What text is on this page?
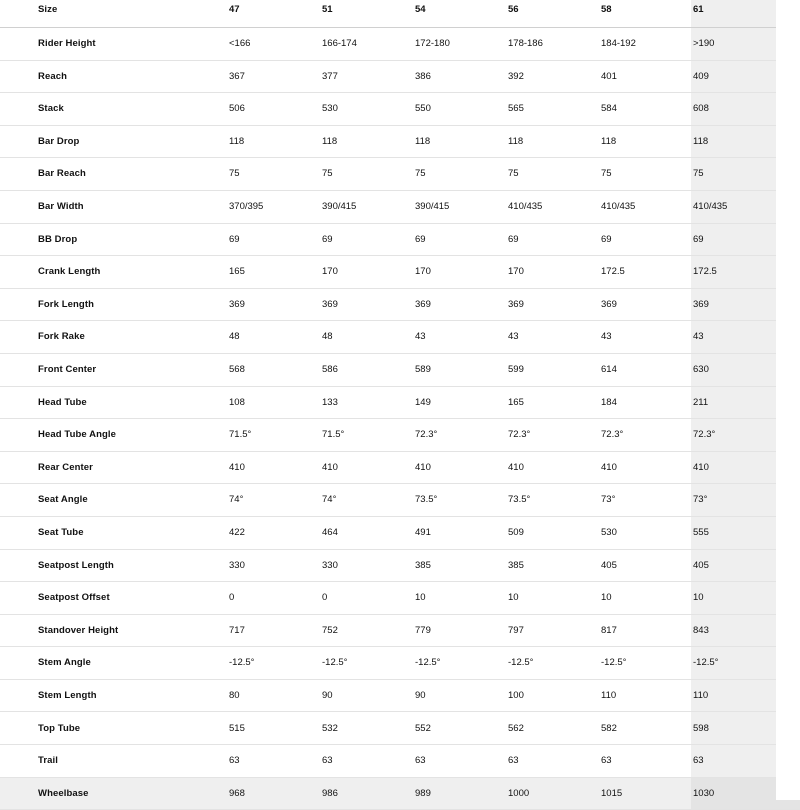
Size	47	51	54	56	58	61
Rider Height	<166	166-174	172-180	178-186	184-192	>190
Reach	367	377	386	392	401	409
Stack	506	530	550	565	584	608
Bar Drop	118	118	118	118	118	118
Bar Reach	75	75	75	75	75	75
Bar Width	370/395	390/415	390/415	410/435	410/435	410/435
BB Drop	69	69	69	69	69	69
Crank Length	165	170	170	170	172.5	172.5
Fork Length	369	369	369	369	369	369
Fork Rake	48	48	43	43	43	43
Front Center	568	586	589	599	614	630
Head Tube	108	133	149	165	184	211
Head Tube Angle	71.5°	71.5°	72.3°	72.3°	72.3°	72.3°
Rear Center	410	410	410	410	410	410
Seat Angle	74°	74°	73.5°	73.5°	73°	73°
Seat Tube	422	464	491	509	530	555
Seatpost Length	330	330	385	385	405	405
Seatpost Offset	0	0	10	10	10	10
Standover Height	717	752	779	797	817	843
Stem Angle	-12.5°	-12.5°	-12.5°	-12.5°	-12.5°	-12.5°
Stem Length	80	90	90	100	110	110
Top Tube	515	532	552	562	582	598
Trail	63	63	63	63	63	63
Wheelbase	968	986	989	1000	1015	1030
